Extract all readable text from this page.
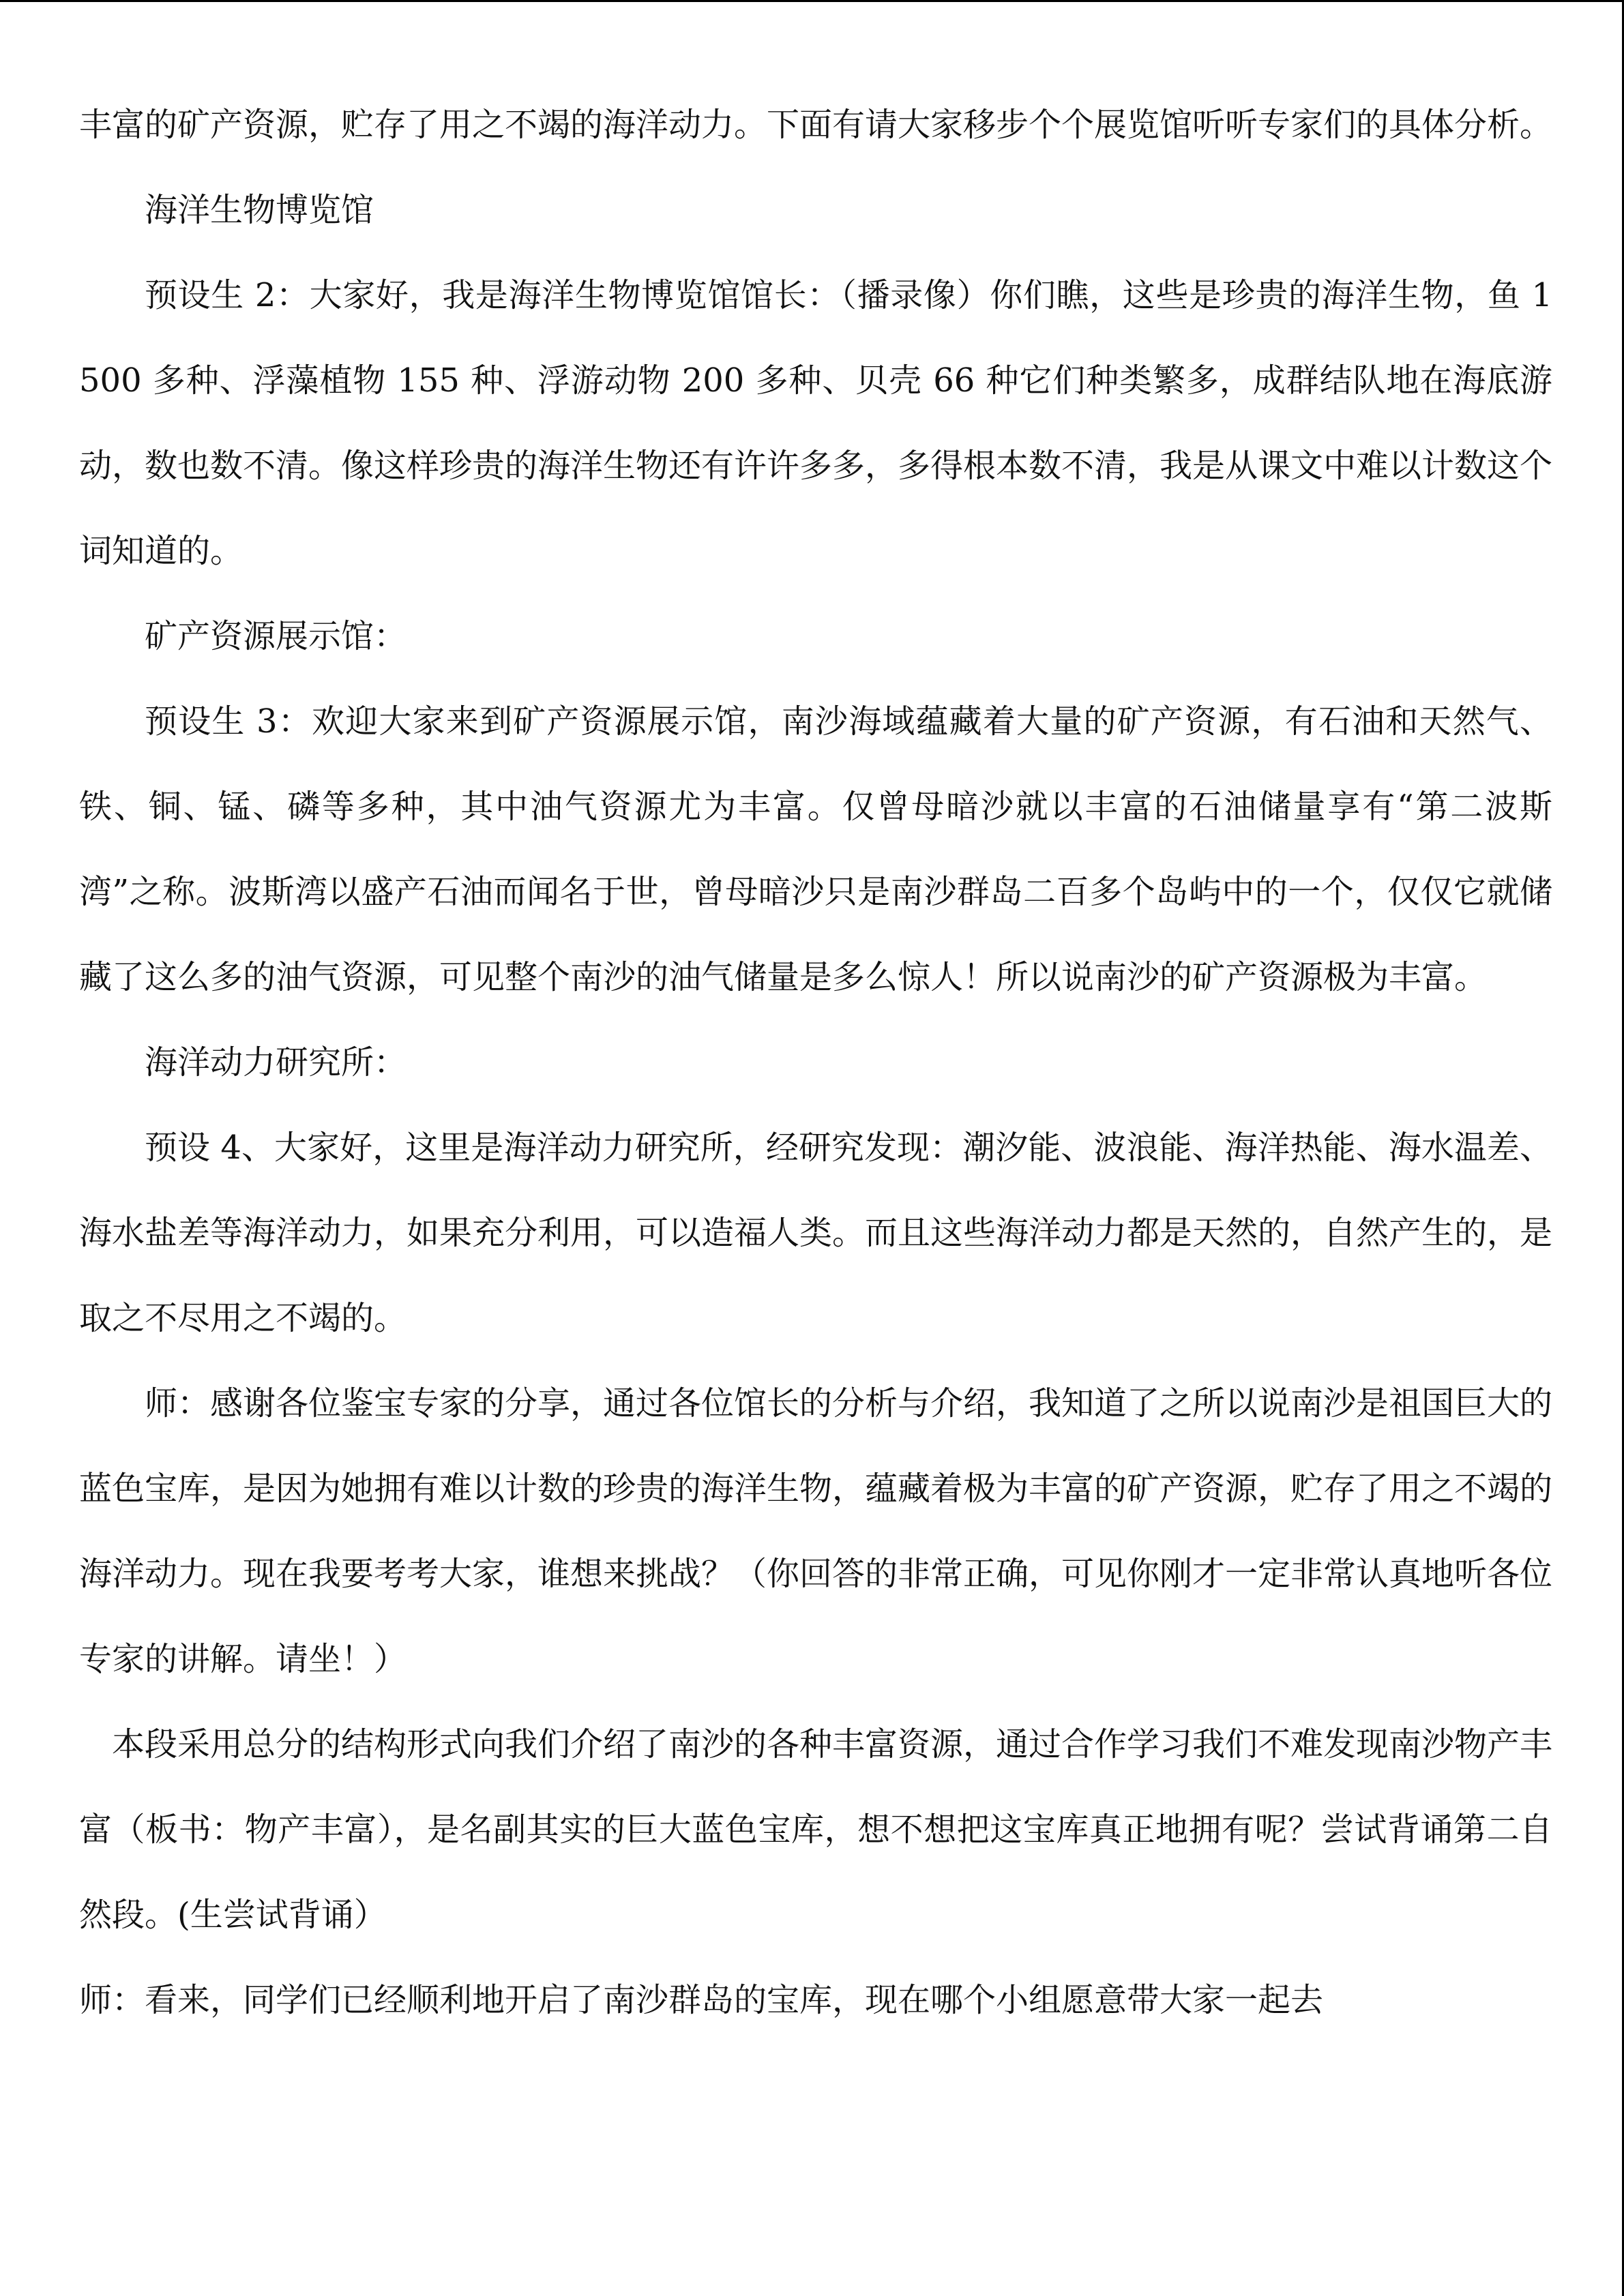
丰富的矿产资源，贮存了用之不竭的海洋动力。下面有请大家移步个个展览馆听听专家们的具体分析。

海洋生物博览馆

预设生 2：大家好，我是海洋生物博览馆馆长：（播录像）你们瞧，这些是珍贵的海洋生物，鱼 1500 多种、浮藻植物 155 种、浮游动物 200 多种、贝壳 66 种它们种类繁多，成群结队地在海底游动，数也数不清。像这样珍贵的海洋生物还有许许多多，多得根本数不清，我是从课文中难以计数这个词知道的。

矿产资源展示馆：

预设生 3：欢迎大家来到矿产资源展示馆，南沙海域蕴藏着大量的矿产资源，有石油和天然气、铁、铜、锰、磷等多种，其中油气资源尤为丰富。仅曾母暗沙就以丰富的石油储量享有“第二波斯湾”之称。波斯湾以盛产石油而闻名于世，曾母暗沙只是南沙群岛二百多个岛屿中的一个，仅仅它就储藏了这么多的油气资源，可见整个南沙的油气储量是多么惊人！所以说南沙的矿产资源极为丰富。

海洋动力研究所：

预设 4、大家好，这里是海洋动力研究所，经研究发现：潮汐能、波浪能、海洋热能、海水温差、海水盐差等海洋动力，如果充分利用，可以造福人类。而且这些海洋动力都是天然的，自然产生的，是取之不尽用之不竭的。

师：感谢各位鉴宝专家的分享，通过各位馆长的分析与介绍，我知道了之所以说南沙是祖国巨大的蓝色宝库，是因为她拥有难以计数的珍贵的海洋生物，蕴藏着极为丰富的矿产资源，贮存了用之不竭的海洋动力。现在我要考考大家，谁想来挑战？（你回答的非常正确，可见你刚才一定非常认真地听各位专家的讲解。请坐！）

本段采用总分的结构形式向我们介绍了南沙的各种丰富资源，通过合作学习我们不难发现南沙物产丰富（板书：物产丰富），是名副其实的巨大蓝色宝库，想不想把这宝库真正地拥有呢？尝试背诵第二自然段。(生尝试背诵）

师：看来，同学们已经顺利地开启了南沙群岛的宝库，现在哪个小组愿意带大家一起去
